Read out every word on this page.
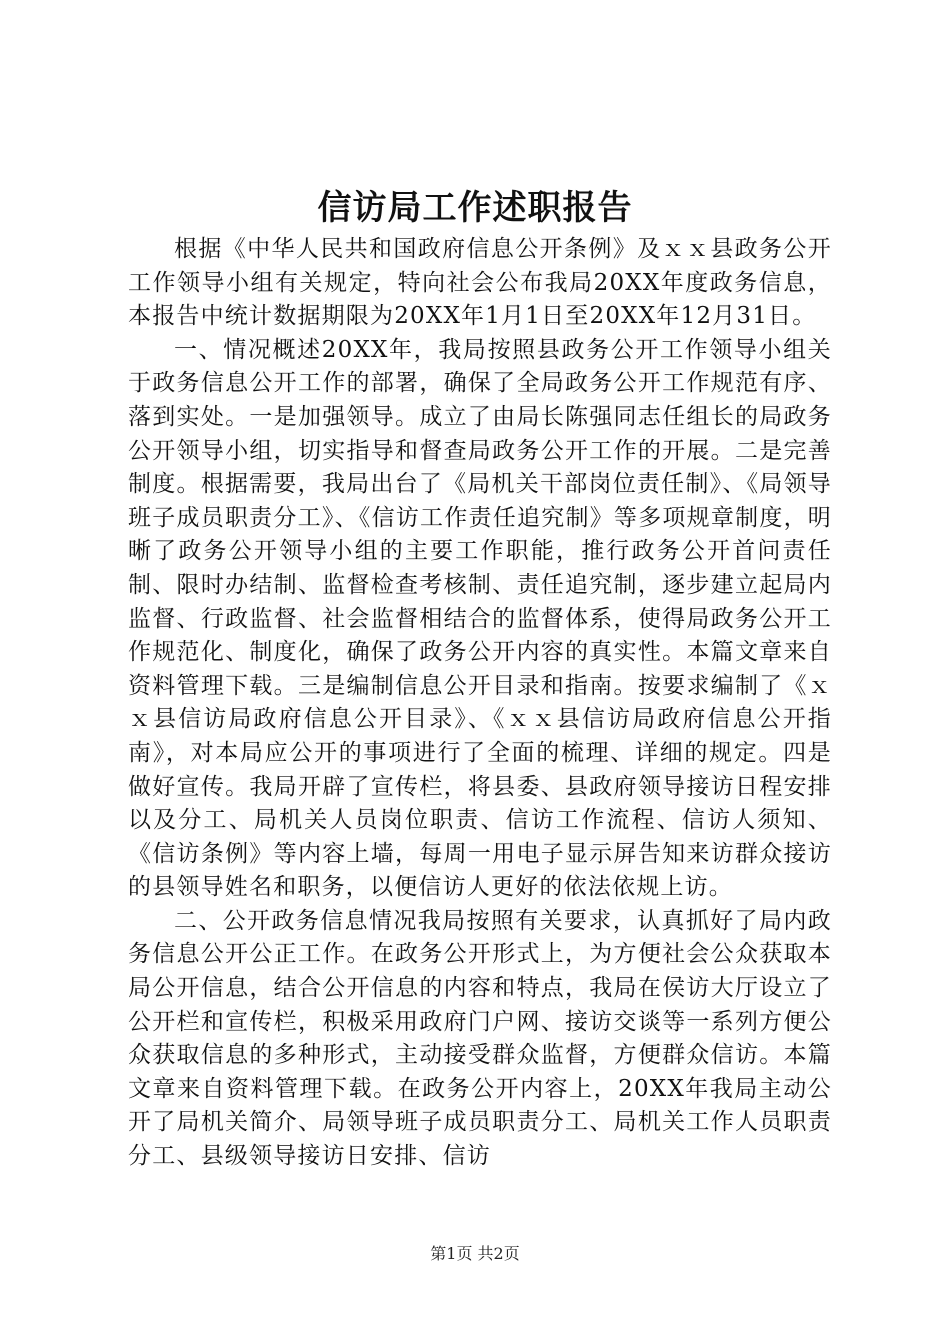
信访局工作述职报告

根据《中华人民共和国政府信息公开条例》及ｘｘ县政务公开工作领导小组有关规定，特向社会公布我局20XX年度政务信息，本报告中统计数据期限为20XX年1月1日至20XX年12月31日。

一、情况概述20XX年，我局按照县政务公开工作领导小组关于政务信息公开工作的部署，确保了全局政务公开工作规范有序、落到实处。一是加强领导。成立了由局长陈强同志任组长的局政务公开领导小组，切实指导和督查局政务公开工作的开展。二是完善制度。根据需要，我局出台了《局机关干部岗位责任制》、《局领导班子成员职责分工》、《信访工作责任追究制》等多项规章制度，明晰了政务公开领导小组的主要工作职能，推行政务公开首问责任制、限时办结制、监督检查考核制、责任追究制，逐步建立起局内监督、行政监督、社会监督相结合的监督体系，使得局政务公开工作规范化、制度化，确保了政务公开内容的真实性。本篇文章来自资料管理下载。三是编制信息公开目录和指南。按要求编制了《ｘｘ县信访局政府信息公开目录》、《ｘｘ县信访局政府信息公开指南》，对本局应公开的事项进行了全面的梳理、详细的规定。四是做好宣传。我局开辟了宣传栏，将县委、县政府领导接访日程安排以及分工、局机关人员岗位职责、信访工作流程、信访人须知、《信访条例》等内容上墙，每周一用电子显示屏告知来访群众接访的县领导姓名和职务，以便信访人更好的依法依规上访。

二、公开政务信息情况我局按照有关要求，认真抓好了局内政务信息公开公正工作。在政务公开形式上，为方便社会公众获取本局公开信息，结合公开信息的内容和特点，我局在侯访大厅设立了公开栏和宣传栏，积极采用政府门户网、接访交谈等一系列方便公众获取信息的多种形式，主动接受群众监督，方便群众信访。本篇文章来自资料管理下载。在政务公开内容上，20XX年我局主动公开了局机关简介、局领导班子成员职责分工、局机关工作人员职责分工、县级领导接访日安排、信访

第1页 共2页
